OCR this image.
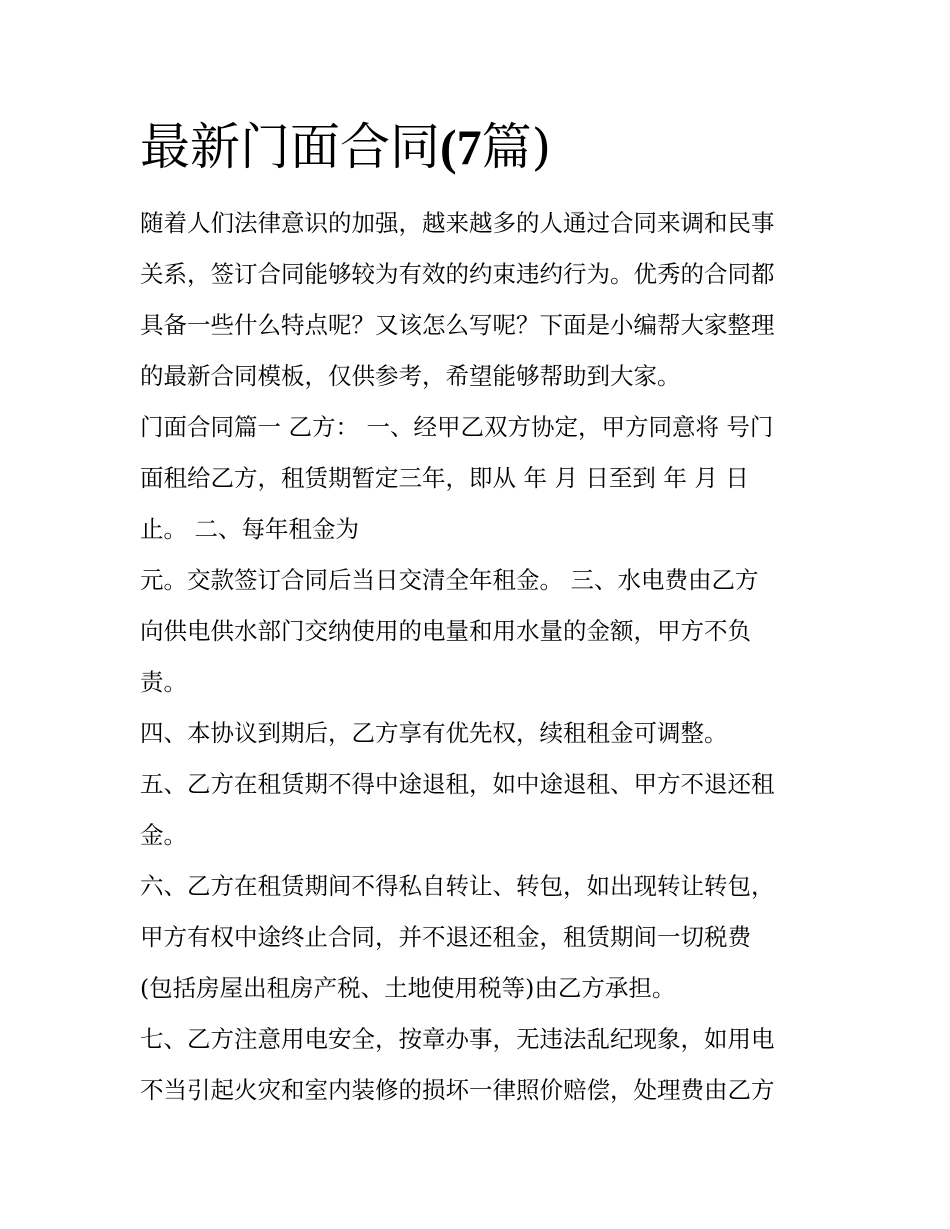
最新门面合同(7篇)
随着人们法律意识的加强，越来越多的人通过合同来调和民事
关系，签订合同能够较为有效的约束违约行为。优秀的合同都
具备一些什么特点呢？又该怎么写呢？下面是小编帮大家整理
的最新合同模板，仅供参考，希望能够帮助到大家。
门面合同篇一 乙方： 一、经甲乙双方协定，甲方同意将 号门
面租给乙方，租赁期暂定三年，即从 年 月 日至到 年 月 日
止。 二、每年租金为
元。交款签订合同后当日交清全年租金。 三、水电费由乙方
向供电供水部门交纳使用的电量和用水量的金额，甲方不负
责。
四、本协议到期后，乙方享有优先权，续租租金可调整。
五、乙方在租赁期不得中途退租，如中途退租、甲方不退还租
金。
六、乙方在租赁期间不得私自转让、转包，如出现转让转包，
甲方有权中途终止合同，并不退还租金，租赁期间一切税费
(包括房屋出租房产税、土地使用税等)由乙方承担。
七、乙方注意用电安全，按章办事，无违法乱纪现象，如用电
不当引起火灾和室内装修的损坏一律照价赔偿，处理费由乙方
